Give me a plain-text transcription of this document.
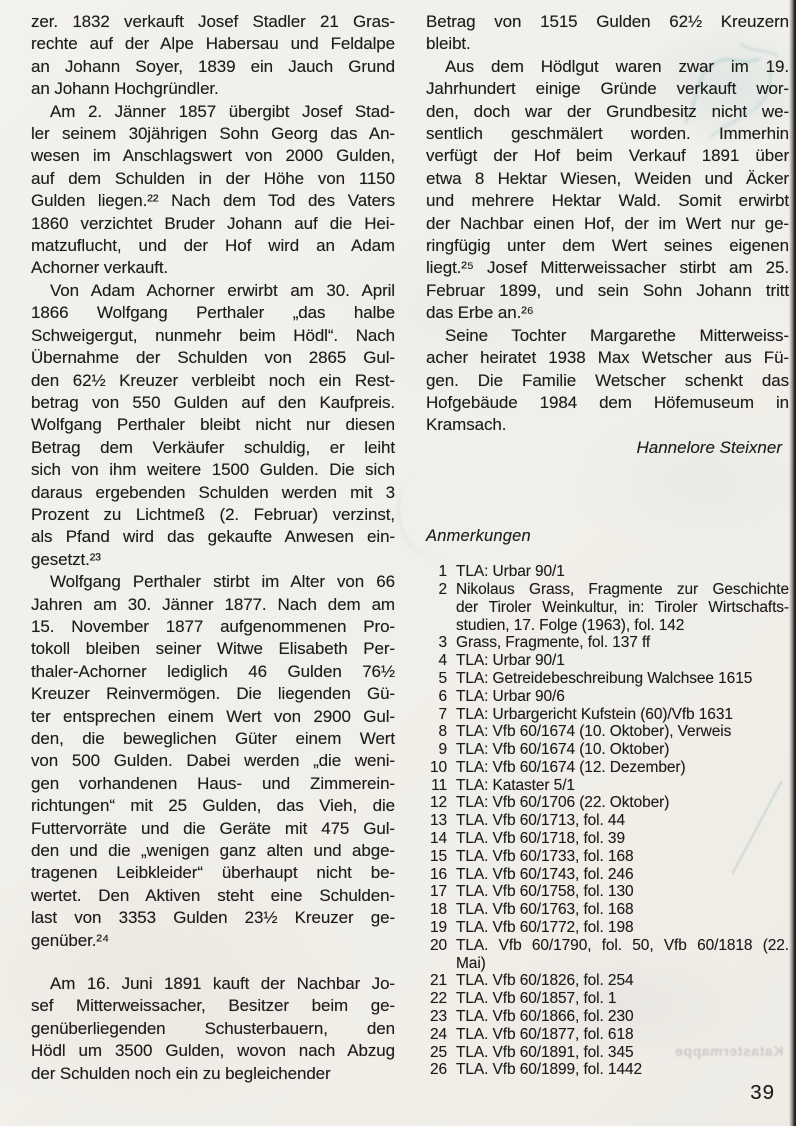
zer. 1832 verkauft Josef Stadler 21 Gras-
rechte auf der Alpe Habersau und Feldalpe
an Johann Soyer, 1839 ein Jauch Grund
an Johann Hochgründler.
Am 2. Jänner 1857 übergibt Josef Stad-
ler seinem 30jährigen Sohn Georg das An-
wesen im Anschlagswert von 2000 Gulden,
auf dem Schulden in der Höhe von 1150
Gulden liegen.²² Nach dem Tod des Vaters
1860 verzichtet Bruder Johann auf die Hei-
matzuflucht, und der Hof wird an Adam
Achorner verkauft.
Von Adam Achorner erwirbt am 30. April
1866 Wolfgang Perthaler „das halbe
Schweigergut, nunmehr beim Hödl“. Nach
Übernahme der Schulden von 2865 Gul-
den 62½ Kreuzer verbleibt noch ein Rest-
betrag von 550 Gulden auf den Kaufpreis.
Wolfgang Perthaler bleibt nicht nur diesen
Betrag dem Verkäufer schuldig, er leiht
sich von ihm weitere 1500 Gulden. Die sich
daraus ergebenden Schulden werden mit 3
Prozent zu Lichtmeß (2. Februar) verzinst,
als Pfand wird das gekaufte Anwesen ein-
gesetzt.²³
Wolfgang Perthaler stirbt im Alter von 66
Jahren am 30. Jänner 1877. Nach dem am
15. November 1877 aufgenommenen Pro-
tokoll bleiben seiner Witwe Elisabeth Per-
thaler-Achorner lediglich 46 Gulden 76½
Kreuzer Reinvermögen. Die liegenden Gü-
ter entsprechen einem Wert von 2900 Gul-
den, die beweglichen Güter einem Wert
von 500 Gulden. Dabei werden „die weni-
gen vorhandenen Haus- und Zimmerein-
richtungen“ mit 25 Gulden, das Vieh, die
Futtervorräte und die Geräte mit 475 Gul-
den und die „wenigen ganz alten und abge-
tragenen Leibkleider“ überhaupt nicht be-
wertet. Den Aktiven steht eine Schulden-
last von 3353 Gulden 23½ Kreuzer ge-
genüber.²⁴
Am 16. Juni 1891 kauft der Nachbar Jo-
sef Mitterweissacher, Besitzer beim ge-
genüberliegenden Schusterbauern, den
Hödl um 3500 Gulden, wovon nach Abzug
der Schulden noch ein zu begleichender
Betrag von 1515 Gulden 62½ Kreuzern
bleibt.
Aus dem Hödlgut waren zwar im 19.
Jahrhundert einige Gründe verkauft wor-
den, doch war der Grundbesitz nicht we-
sentlich geschmälert worden. Immerhin
verfügt der Hof beim Verkauf 1891 über
etwa 8 Hektar Wiesen, Weiden und Äcker
und mehrere Hektar Wald. Somit erwirbt
der Nachbar einen Hof, der im Wert nur ge-
ringfügig unter dem Wert seines eigenen
liegt.²⁵ Josef Mitterweissacher stirbt am 25.
Februar 1899, und sein Sohn Johann tritt
das Erbe an.²⁶
Seine Tochter Margarethe Mitterweiss-
acher heiratet 1938 Max Wetscher aus Fü-
gen. Die Familie Wetscher schenkt das
Hofgebäude 1984 dem Höfemuseum in
Kramsach.
Hannelore Steixner
Anmerkungen
1 TLA: Urbar 90/1
2 Nikolaus Grass, Fragmente zur Geschichte
der Tiroler Weinkultur, in: Tiroler Wirtschafts-
studien, 17. Folge (1963), fol. 142
3 Grass, Fragmente, fol. 137 ff
4 TLA: Urbar 90/1
5 TLA: Getreidebeschreibung Walchsee 1615
6 TLA: Urbar 90/6
7 TLA: Urbargericht Kufstein (60)/Vfb 1631
8 TLA: Vfb 60/1674 (10. Oktober), Verweis
9 TLA: Vfb 60/1674 (10. Oktober)
10 TLA: Vfb 60/1674 (12. Dezember)
11 TLA: Kataster 5/1
12 TLA: Vfb 60/1706 (22. Oktober)
13 TLA. Vfb 60/1713, fol. 44
14 TLA. Vfb 60/1718, fol. 39
15 TLA. Vfb 60/1733, fol. 168
16 TLA. Vfb 60/1743, fol. 246
17 TLA. Vfb 60/1758, fol. 130
18 TLA. Vfb 60/1763, fol. 168
19 TLA. Vfb 60/1772, fol. 198
20 TLA. Vfb 60/1790, fol. 50, Vfb 60/1818 (22.
Mai)
21 TLA. Vfb 60/1826, fol. 254
22 TLA. Vfb 60/1857, fol. 1
23 TLA. Vfb 60/1866, fol. 230
24 TLA. Vfb 60/1877, fol. 618
25 TLA. Vfb 60/1891, fol. 345
26 TLA. Vfb 60/1899, fol. 1442
Katastermappe
39
